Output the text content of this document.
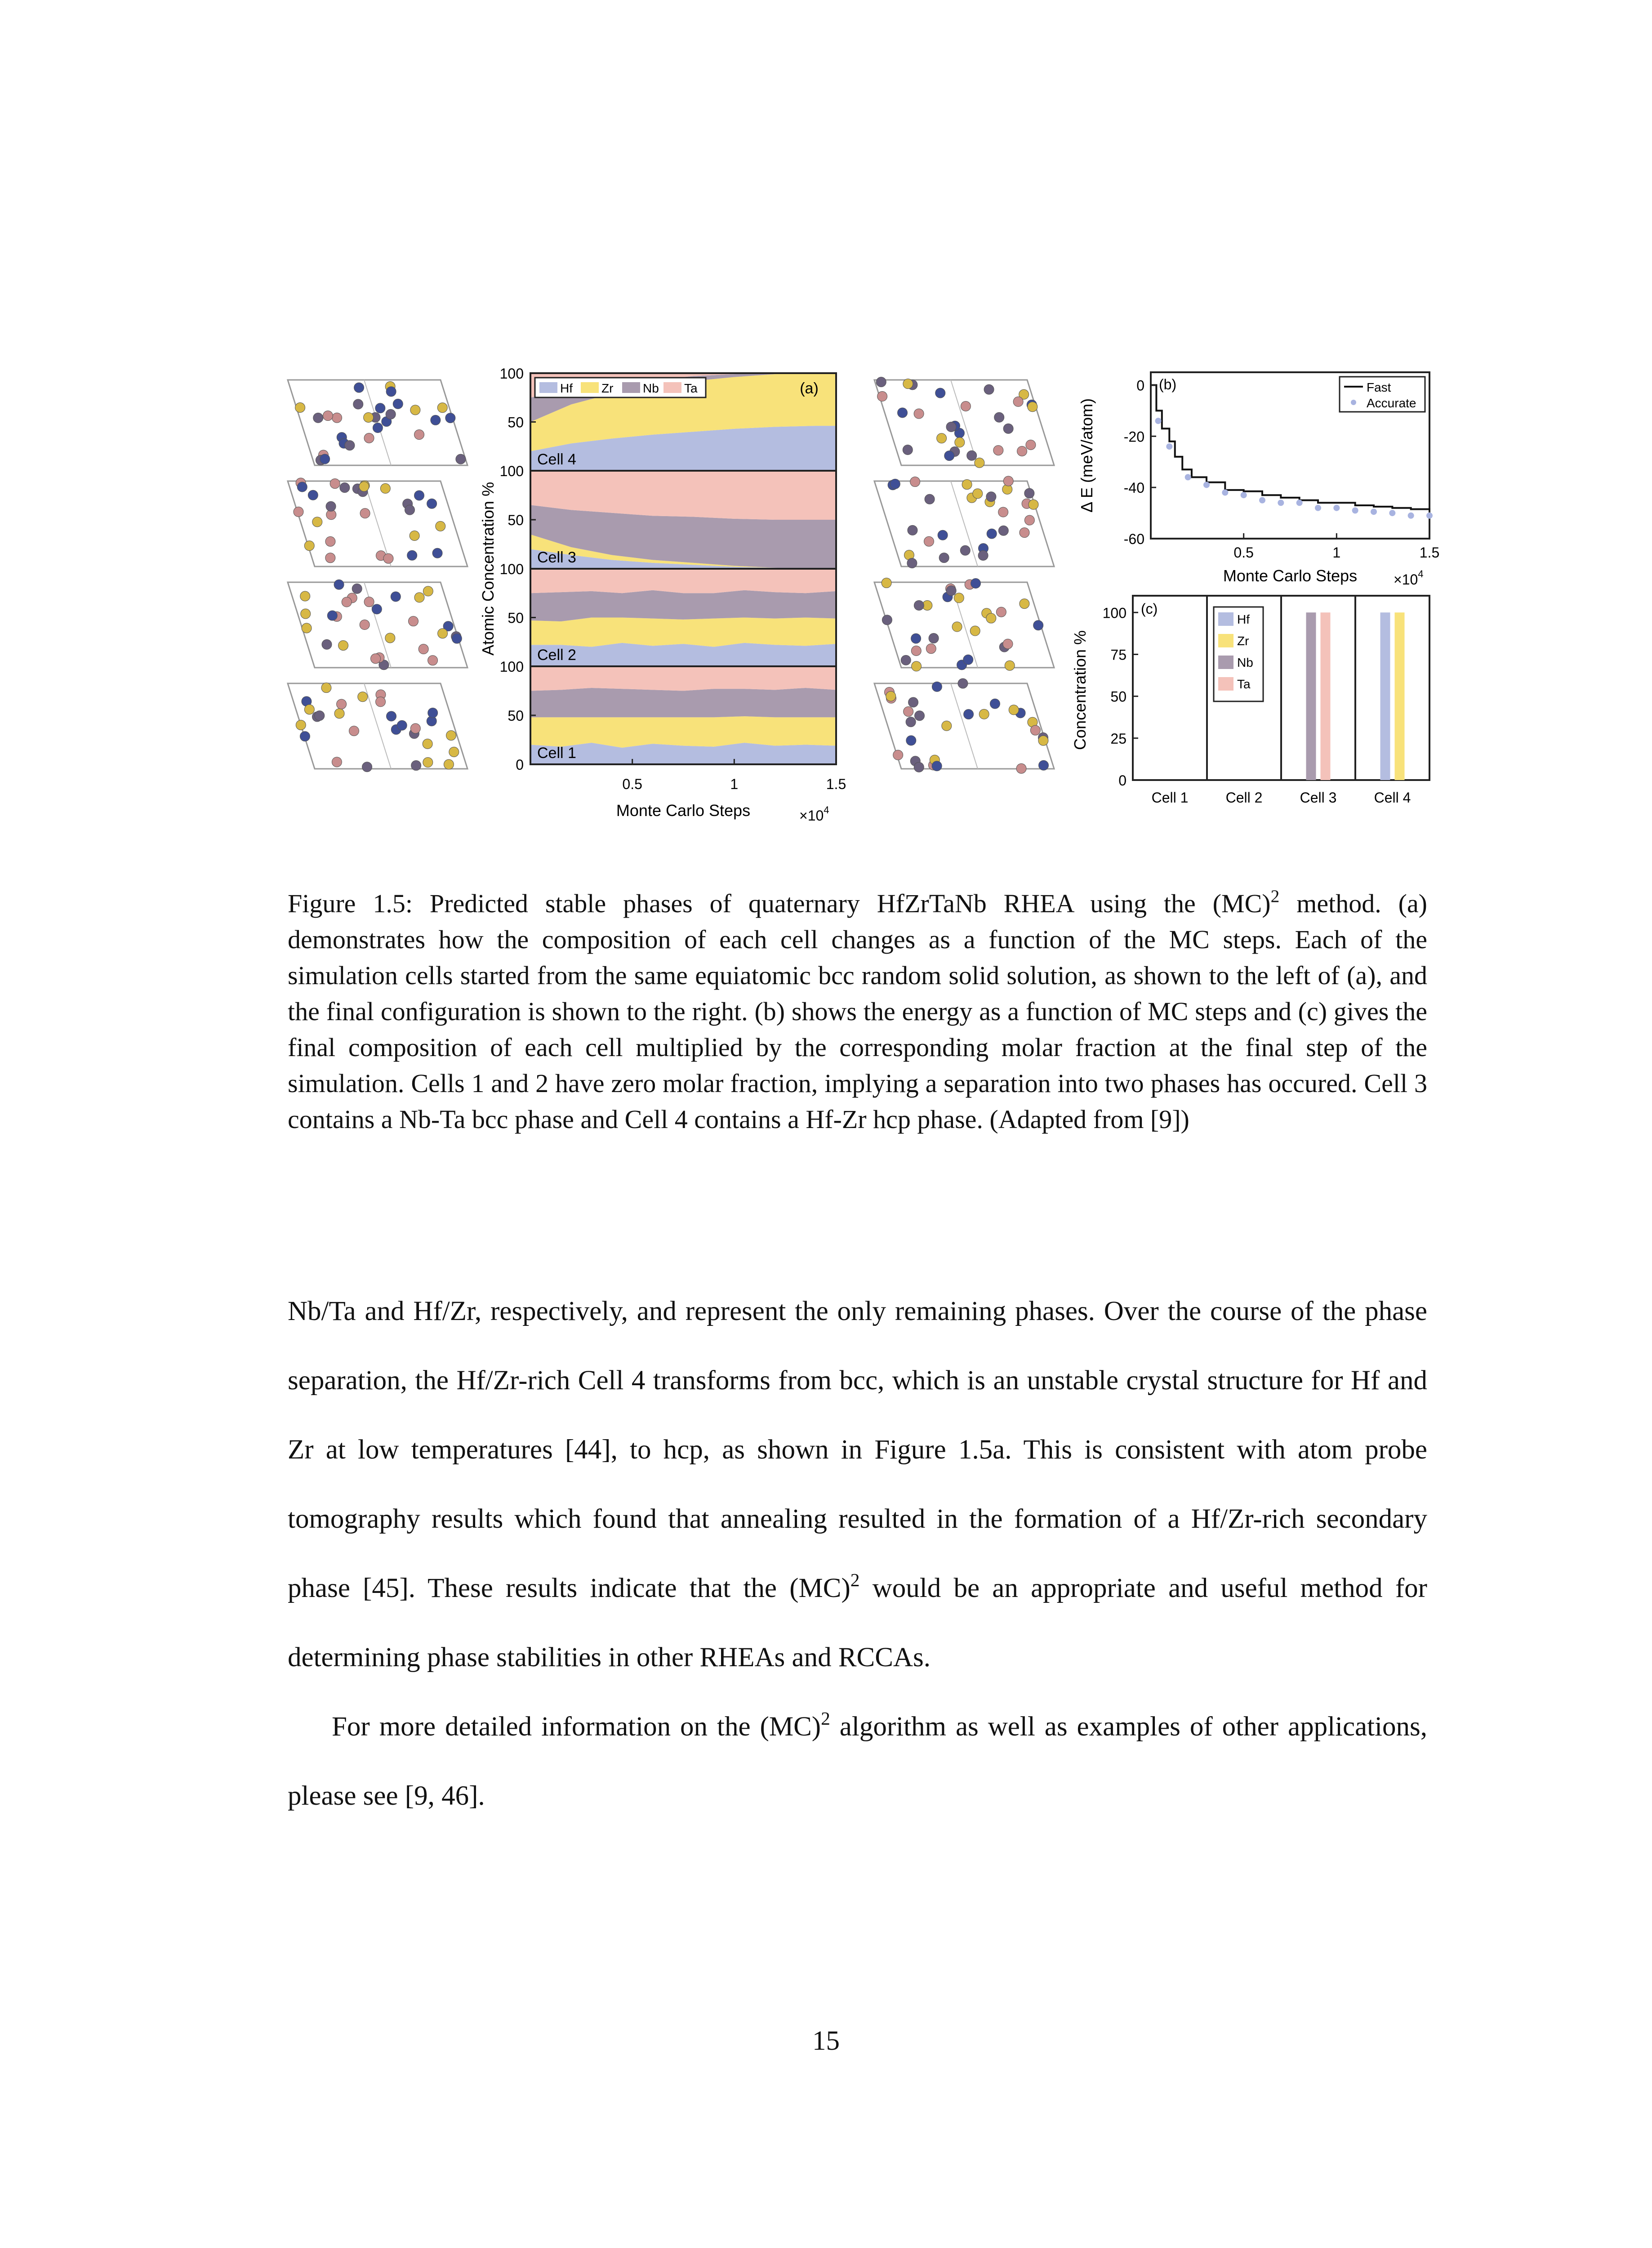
100
50
100
50
100
50
100
50
0
0.5	1	1.5
Cell 4
Cell 3
Cell 2
Cell 1
Hf Zr Nb Ta	(a)
Atomic Concentration %
Monte Carlo Steps	$\times 10^4$
0
-20
-40
-60
0.5	1	1.5
(b)	Fast
Accurate
Δ E (meV/atom)
Monte Carlo Steps	$\times 10^4$
100
75
50
25
0
Cell 1	Cell 2	Cell 3	Cell 4
(c)
Hf
Zr
Nb
Ta
Concentration %

Figure 1.5: Predicted stable phases of quaternary HfZrTaNb RHEA using the (MC)$^2$ method. (a) demonstrates how the composition of each cell changes as a function of the MC steps. Each of the simulation cells started from the same equiatomic bcc random solid solution, as shown to the left of (a), and the final configuration is shown to the right. (b) shows the energy as a function of MC steps and (c) gives the final composition of each cell multiplied by the corresponding molar fraction at the final step of the simulation. Cells 1 and 2 have zero molar fraction, implying a separation into two phases has occured. Cell 3 contains a Nb-Ta bcc phase and Cell 4 contains a Hf-Zr hcp phase. (Adapted from [9])

Nb/Ta and Hf/Zr, respectively, and represent the only remaining phases. Over the course of the phase separation, the Hf/Zr-rich Cell 4 transforms from bcc, which is an unstable crystal structure for Hf and Zr at low temperatures [44], to hcp, as shown in Figure 1.5a. This is consistent with atom probe tomography results which found that annealing resulted in the formation of a Hf/Zr-rich secondary phase [45]. These results indicate that the (MC)$^2$ would be an appropriate and useful method for determining phase stabilities in other RHEAs and RCCAs.

For more detailed information on the (MC)$^2$ algorithm as well as examples of other applications, please see [9, 46].

15
